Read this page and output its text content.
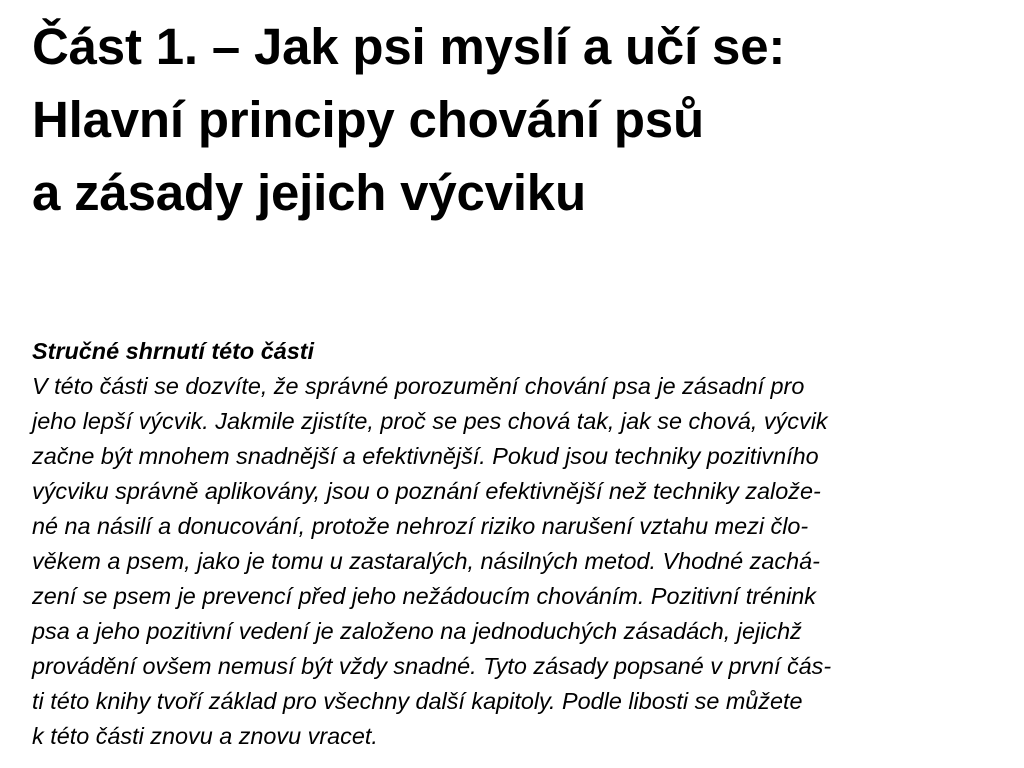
Část 1. – Jak psi myslí a učí se:
Hlavní principy chování psů
a zásady jejich výcviku
Stručné shrnutí této části
V této části se dozvíte, že správné porozumění chování psa je zásadní pro
jeho lepší výcvik. Jakmile zjistíte, proč se pes chová tak, jak se chová, výcvik
začne být mnohem snadnější a efektivnější. Pokud jsou techniky pozitivního
výcviku správně aplikovány, jsou o poznání efektivnější než techniky založe-
né na násilí a donucování, protože nehrozí riziko narušení vztahu mezi člo-
věkem a psem, jako je tomu u zastaralých, násilných metod. Vhodné zachá-
zení se psem je prevencí před jeho nežádoucím chováním. Pozitivní trénink
psa a jeho pozitivní vedení je založeno na jednoduchých zásadách, jejichž
provádění ovšem nemusí být vždy snadné. Tyto zásady popsané v první čás-
ti této knihy tvoří základ pro všechny další kapitoly. Podle libosti se můžete
k této části znovu a znovu vracet.
